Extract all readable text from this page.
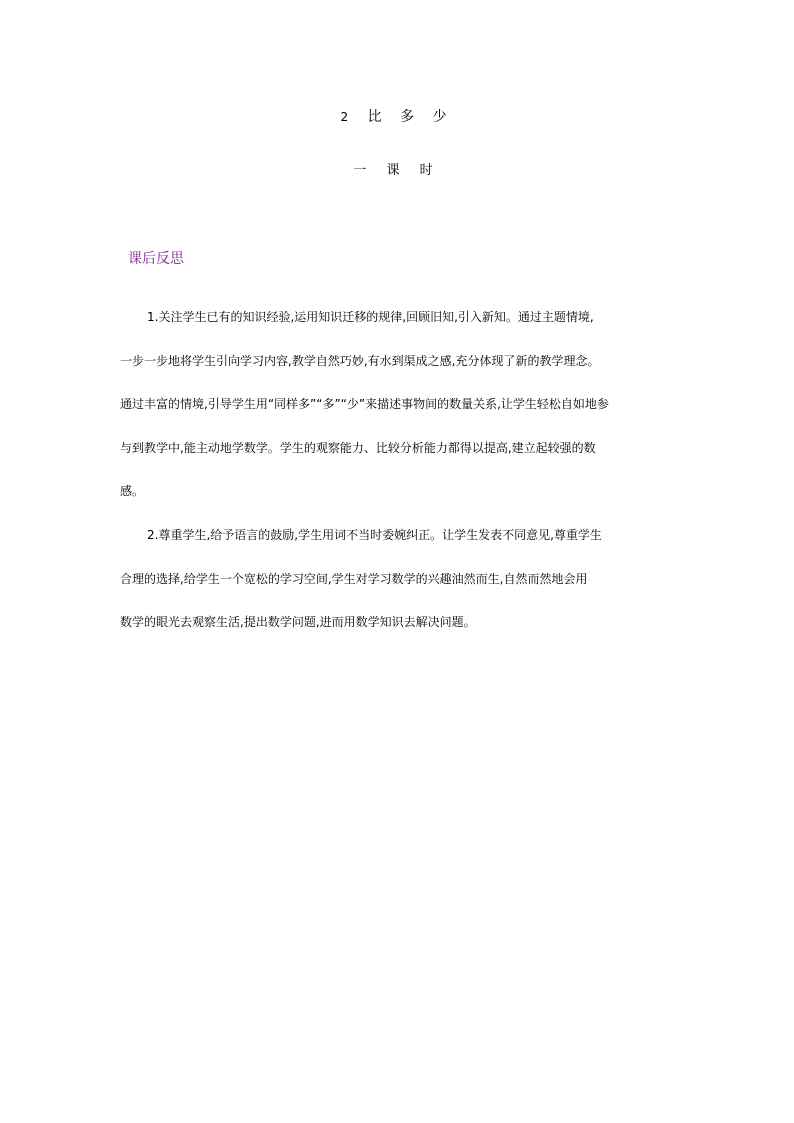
2 比 多 少
一 课 时
课后反思
1.关注学生已有的知识经验,运用知识迁移的规律,回顾旧知,引入新知。通过主题情境,
一步一步地将学生引向学习内容,教学自然巧妙,有水到渠成之感,充分体现了新的教学理念。
通过丰富的情境,引导学生用“同样多”“多”“少”来描述事物间的数量关系,让学生轻松自如地参
与到教学中,能主动地学数学。学生的观察能力、比较分析能力都得以提高,建立起较强的数
感。
2.尊重学生,给予语言的鼓励,学生用词不当时委婉纠正。让学生发表不同意见,尊重学生
合理的选择,给学生一个宽松的学习空间,学生对学习数学的兴趣油然而生,自然而然地会用
数学的眼光去观察生活,提出数学问题,进而用数学知识去解决问题。
